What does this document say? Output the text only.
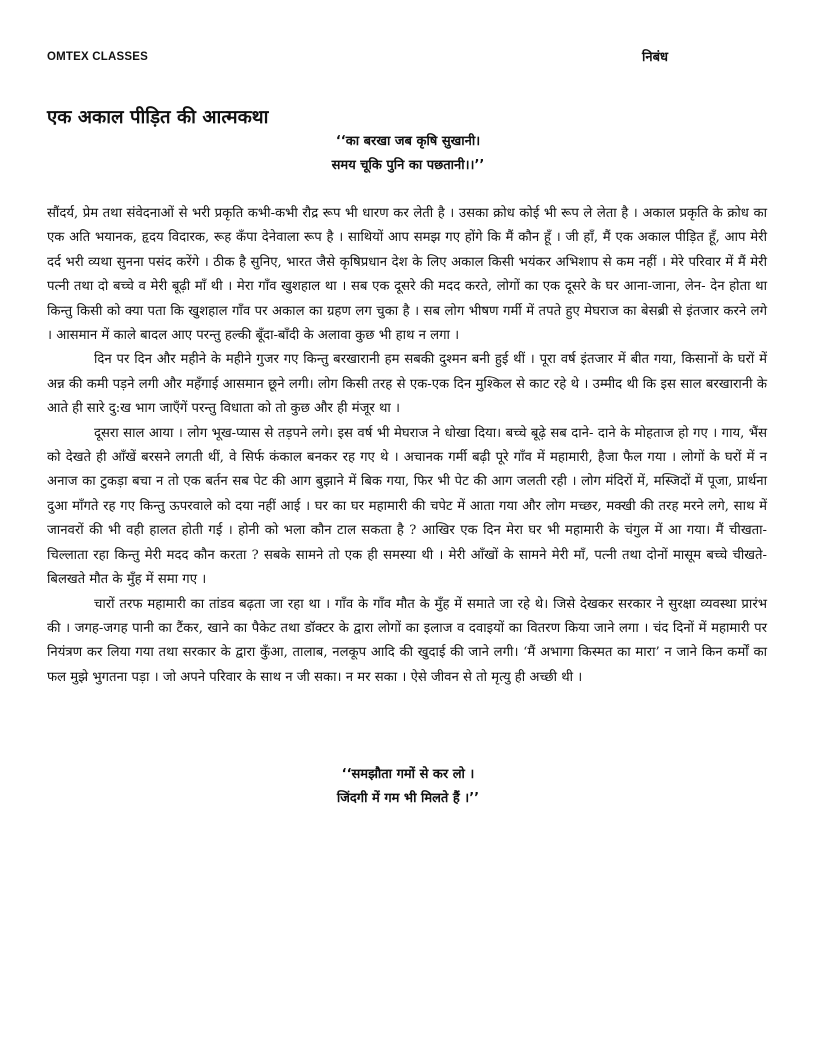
OMTEX CLASSES	निबंध
एक अकाल पीड़ित की आत्मकथा
‘‘का बरखा जब कृषि सुखानी।
समय चूकि पुनि का पछतानी।।’’

सौंदर्य, प्रेम तथा संवेदनाओं से भरी प्रकृति कभी-कभी रौद्र रूप भी धारण कर लेती है । उसका क्रोध कोई भी रूप ले लेता है । अकाल प्रकृति के क्रोध का एक अति भयानक, हृदय विदारक, रूह कँपा देनेवाला रूप है । साथियों आप समझ गए होंगे कि मैं कौन हूँ । जी हाँ, मैं एक अकाल पीड़ित हूँ, आप मेरी दर्द भरी व्यथा सुनना पसंद करेंगे । ठीक है सुनिए, भारत जैसे कृषिप्रधान देश के लिए अकाल किसी भयंकर अभिशाप से कम नहीं । मेरे परिवार में मैं मेरी पत्नी तथा दो बच्चे व मेरी बूढ़ी माँ थी । मेरा गाँव खुशहाल था । सब एक दूसरे की मदद करते, लोगों का एक दूसरे के घर आना-जाना, लेन- देन होता था किन्तु किसी को क्या पता कि खुशहाल गाँव पर अकाल का ग्रहण लग चुका है । सब लोग भीषण गर्मी में तपते हुए मेघराज का बेसब्री से इंतजार करने लगे । आसमान में काले बादल आए परन्तु हल्की बूँदा-बाँदी के अलावा कुछ भी हाथ न लगा ।

दिन पर दिन और महीने के महीने गुजर गए किन्तु बरखारानी हम सबकी दुश्मन बनी हुई थीं । पूरा वर्ष इंतजार में बीत गया, किसानों के घरों में अन्न की कमी पड़ने लगी और महँगाई आसमान छूने लगी। लोग किसी तरह से एक-एक दिन मुश्किल से काट रहे थे । उम्मीद थी कि इस साल बरखारानी के आते ही सारे दु:ख भाग जाएँगें परन्तु विधाता को तो कुछ और ही मंजूर था ।

दूसरा साल आया । लोग भूख-प्यास से तड़पने लगे। इस वर्ष भी मेघराज ने धोखा दिया। बच्चे बूढ़े सब दाने- दाने के मोहताज हो गए । गाय, भैंस को देखते ही आँखें बरसने लगती थीं, वे सिर्फ कंकाल बनकर रह गए थे । अचानक गर्मी बढ़ी पूरे गाँव में महामारी, हैजा फैल गया । लोगों के घरों में न अनाज का टुकड़ा बचा न तो एक बर्तन सब पेट की आग बुझाने में बिक गया, फिर भी पेट की आग जलती रही । लोग मंदिरों में, मस्जिदों में पूजा, प्रार्थना दुआ माँगते रह गए किन्तु ऊपरवाले को दया नहीं आई । घर का घर महामारी की चपेट में आता गया और लोग मच्छर, मक्खी की तरह मरने लगे, साथ में जानवरों की भी वही हालत होती गई । होनी को भला कौन टाल सकता है ? आखिर एक दिन मेरा घर भी महामारी के चंगुल में आ गया। मैं चीखता- चिल्लाता रहा किन्तु मेरी मदद कौन करता ? सबके सामने तो एक ही समस्या थी । मेरी आँखों के सामने मेरी माँ, पत्नी तथा दोनों मासूम बच्चे चीखते-बिलखते मौत के मुँह में समा गए ।

चारों तरफ महामारी का तांडव बढ़ता जा रहा था । गाँव के गाँव मौत के मुँह में समाते जा रहे थे। जिसे देखकर सरकार ने सुरक्षा व्यवस्था प्रारंभ की । जगह-जगह पानी का टैंकर, खाने का पैकेट तथा डॉक्टर के द्वारा लोगों का इलाज व दवाइयों का वितरण किया जाने लगा । चंद दिनों में महामारी पर नियंत्रण कर लिया गया तथा सरकार के द्वारा कुँआ, तालाब, नलकूप आदि की खुदाई की जाने लगी। ‘मैं अभागा किस्मत का मारा’ न जाने किन कर्मों का फल मुझे भुगतना पड़ा । जो अपने परिवार के साथ न जी सका। न मर सका । ऐसे जीवन से तो मृत्यु ही अच्छी थी ।

‘‘समझौता गमों से कर लो ।
जिंदगी में गम भी मिलते हैं ।’’
